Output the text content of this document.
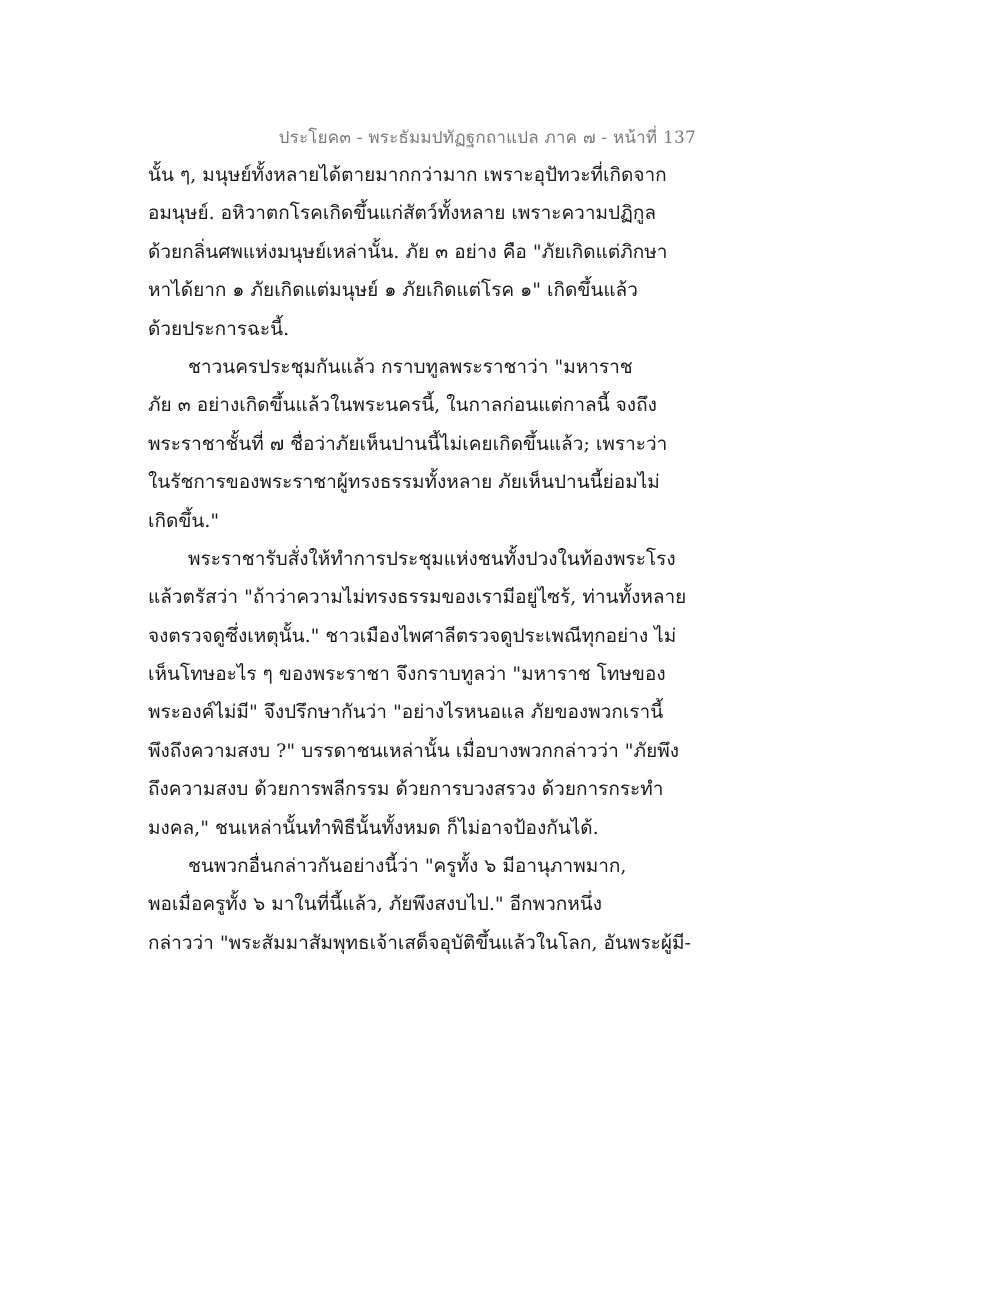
ประโยค๓ - พระธัมมปทัฏฐกถาแปล ภาค ๗ - หน้าที่ 137
นั้น ๆ, มนุษย์ทั้งหลายได้ตายมากกว่ามาก เพราะอุปัทวะที่เกิดจาก
อมนุษย์. อหิวาตกโรคเกิดขึ้นแก่สัตว์ทั้งหลาย เพราะความปฏิกูล
ด้วยกลิ่นศพแห่งมนุษย์เหล่านั้น. ภัย ๓ อย่าง คือ "ภัยเกิดแต่ภิกษา
หาได้ยาก ๑ ภัยเกิดแต่มนุษย์ ๑ ภัยเกิดแต่โรค ๑" เกิดขึ้นแล้ว
ด้วยประการฉะนี้.
ชาวนครประชุมกันแล้ว กราบทูลพระราชาว่า "มหาราช
ภัย ๓ อย่างเกิดขึ้นแล้วในพระนครนี้, ในกาลก่อนแต่กาลนี้ จงถึง
พระราชาชั้นที่ ๗ ชื่อว่าภัยเห็นปานนี้ไม่เคยเกิดขึ้นแล้ว; เพราะว่า
ในรัชการของพระราชาผู้ทรงธรรมทั้งหลาย ภัยเห็นปานนี้ย่อมไม่
เกิดขึ้น."
พระราชารับสั่งให้ทำการประชุมแห่งชนทั้งปวงในท้องพระโรง
แล้วตรัสว่า "ถ้าว่าความไม่ทรงธรรมของเรามีอยู่ไซร้, ท่านทั้งหลาย
จงตรวจดูซึ่งเหตุนั้น." ชาวเมืองไพศาลีตรวจดูประเพณีทุกอย่าง ไม่
เห็นโทษอะไร ๆ ของพระราชา จึงกราบทูลว่า "มหาราช โทษของ
พระองค์ไม่มี" จึงปรึกษากันว่า "อย่างไรหนอแล ภัยของพวกเรานี้
พึงถึงความสงบ ?" บรรดาชนเหล่านั้น เมื่อบางพวกกล่าวว่า "ภัยพึง
ถึงความสงบ ด้วยการพลีกรรม ด้วยการบวงสรวง ด้วยการกระทำ
มงคล," ชนเหล่านั้นทำพิธีนั้นทั้งหมด ก็ไม่อาจป้องกันได้.
ชนพวกอื่นกล่าวกันอย่างนี้ว่า "ครูทั้ง ๖ มีอานุภาพมาก,
พอเมื่อครูทั้ง ๖ มาในที่นี้แล้ว, ภัยพึงสงบไป." อีกพวกหนึ่ง
กล่าวว่า "พระสัมมาสัมพุทธเจ้าเสด็จอุบัติขึ้นแล้วในโลก, อันพระผู้มี-
